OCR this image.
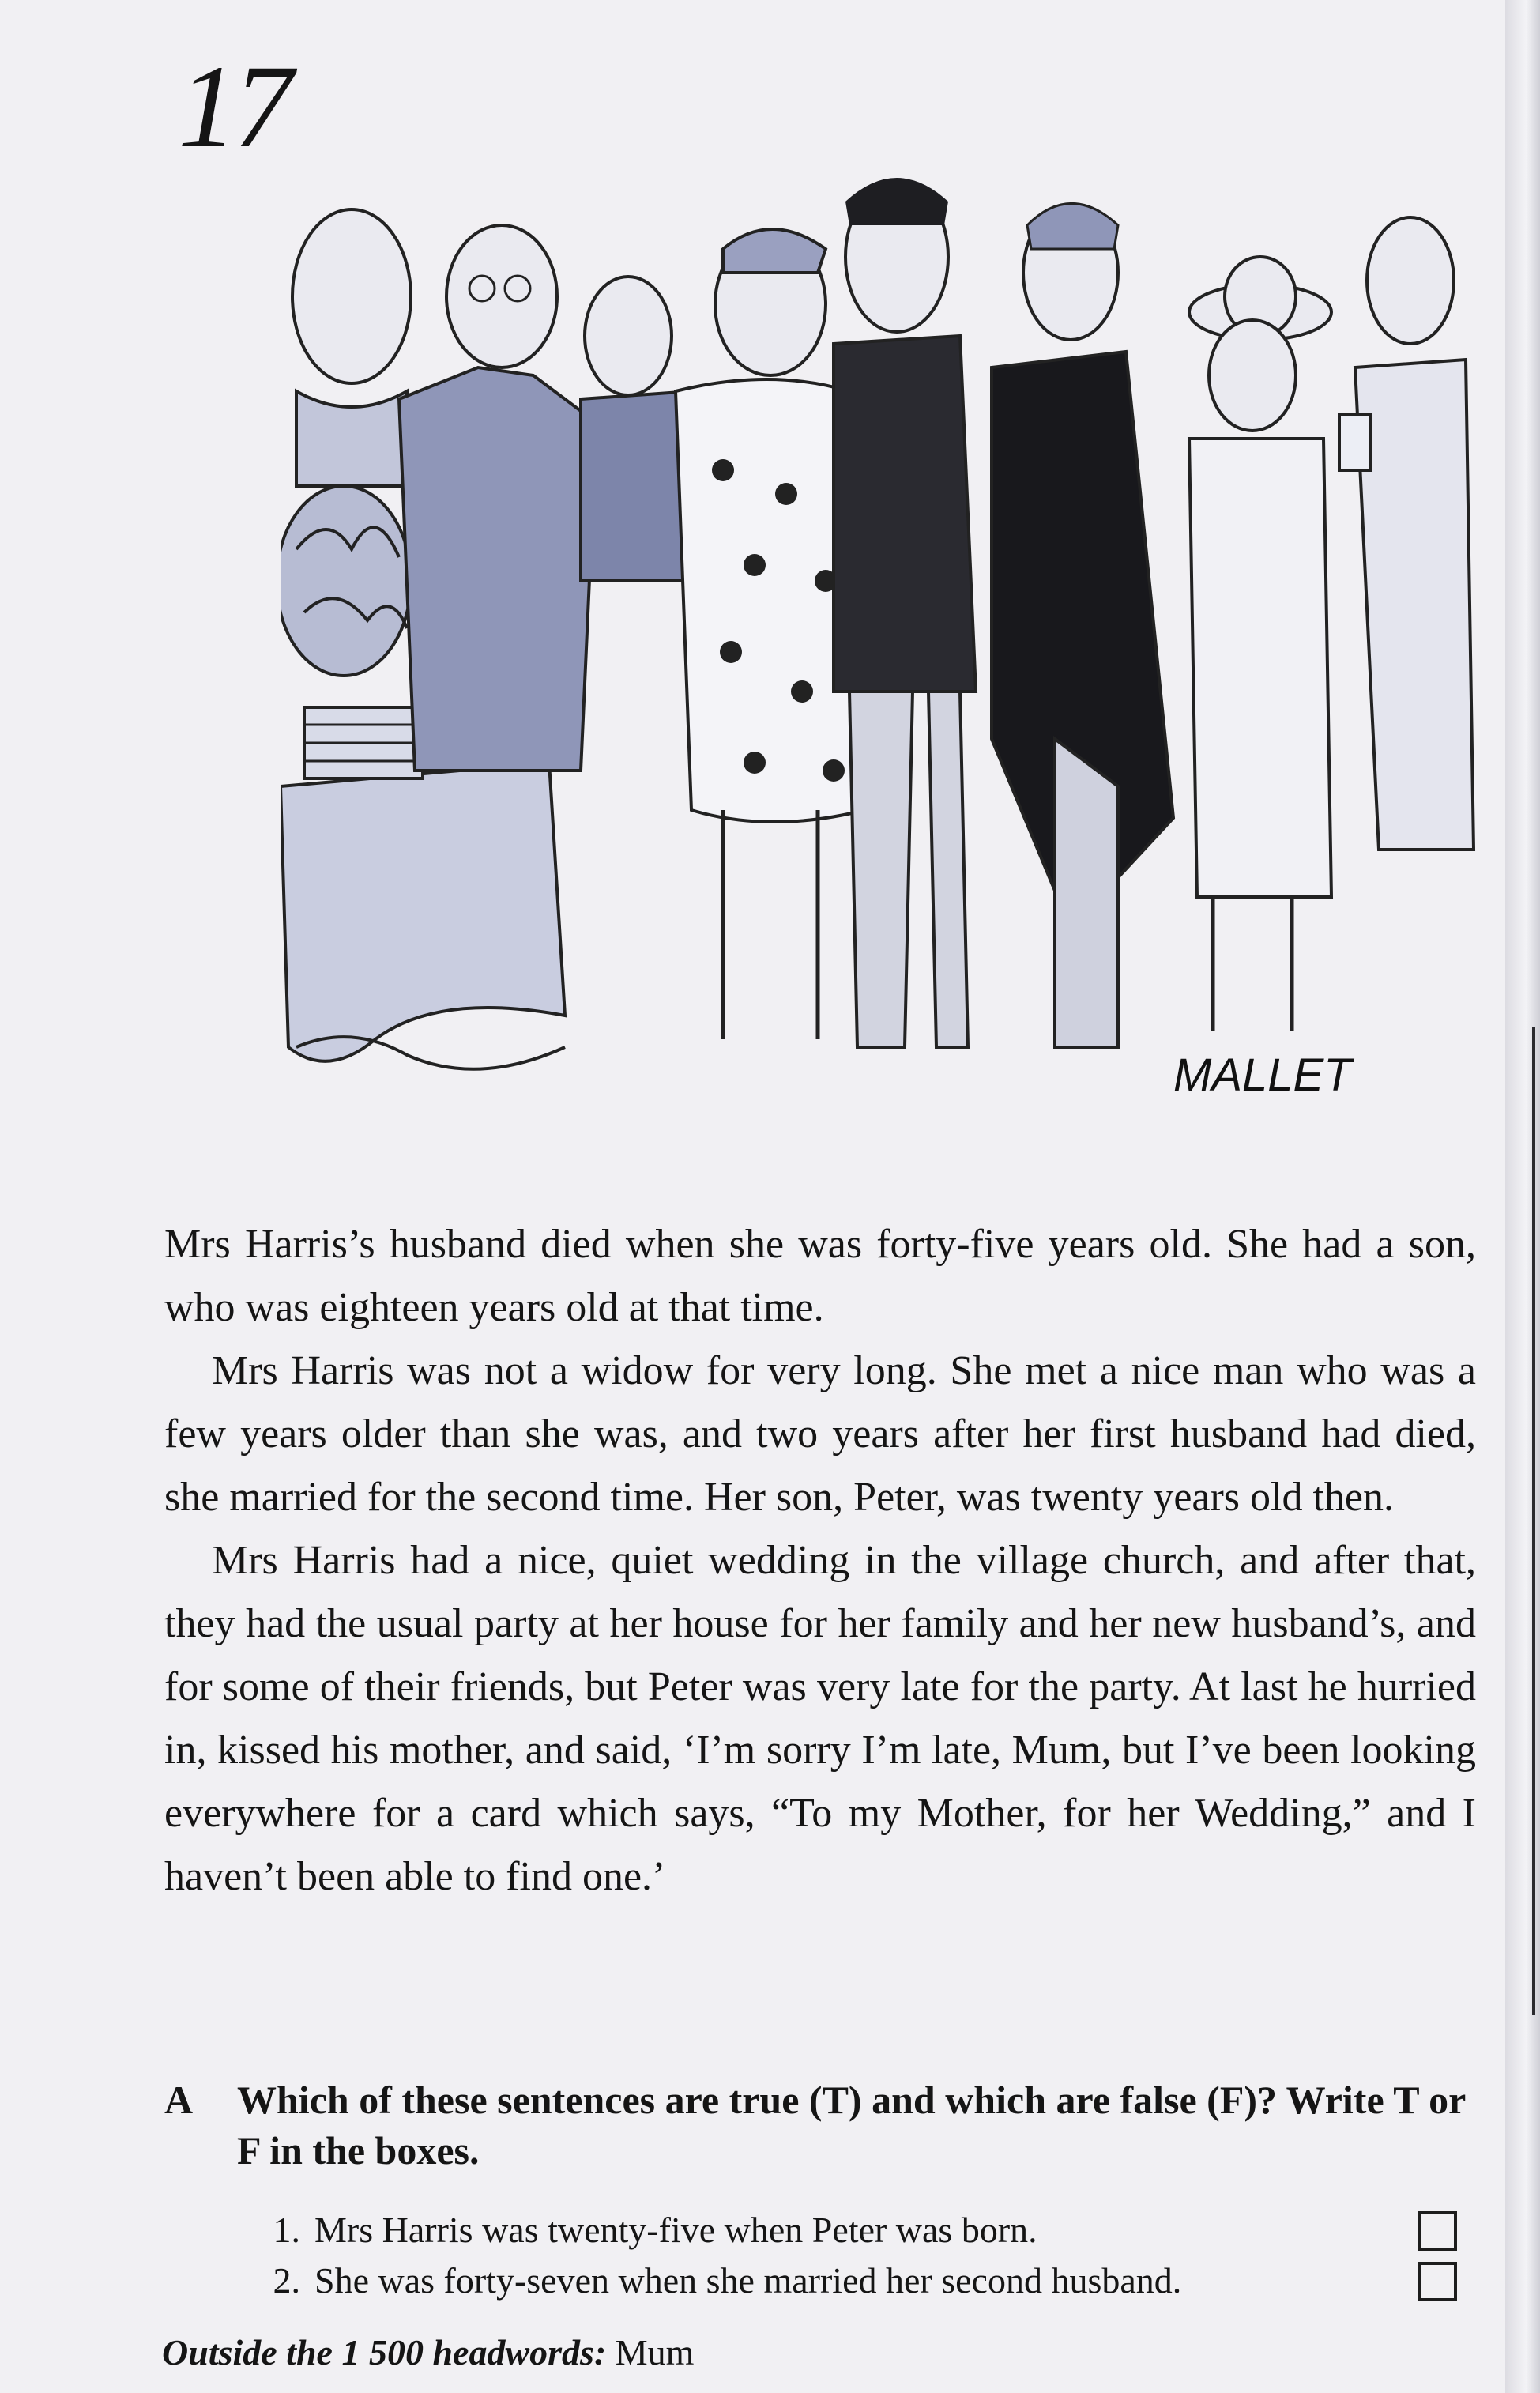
17
MALLET

Mrs Harris’s husband died when she was forty-five years old. She had a son, who was eighteen years old at that time.

Mrs Harris was not a widow for very long. She met a nice man who was a few years older than she was, and two years after her first husband had died, she married for the second time. Her son, Peter, was twenty years old then.

Mrs Harris had a nice, quiet wedding in the village church, and after that, they had the usual party at her house for her family and her new husband’s, and for some of their friends, but Peter was very late for the party. At last he hurried in, kissed his mother, and said, ‘I’m sorry I’m late, Mum, but I’ve been looking everywhere for a card which says, “To my Mother, for her Wedding,” and I haven’t been able to find one.’

A Which of these sentences are true (T) and which are false (F)? Write T or F in the boxes.
1. Mrs Harris was twenty-five when Peter was born.
2. She was forty-seven when she married her second husband.
Outside the 1 500 headwords: Mum
